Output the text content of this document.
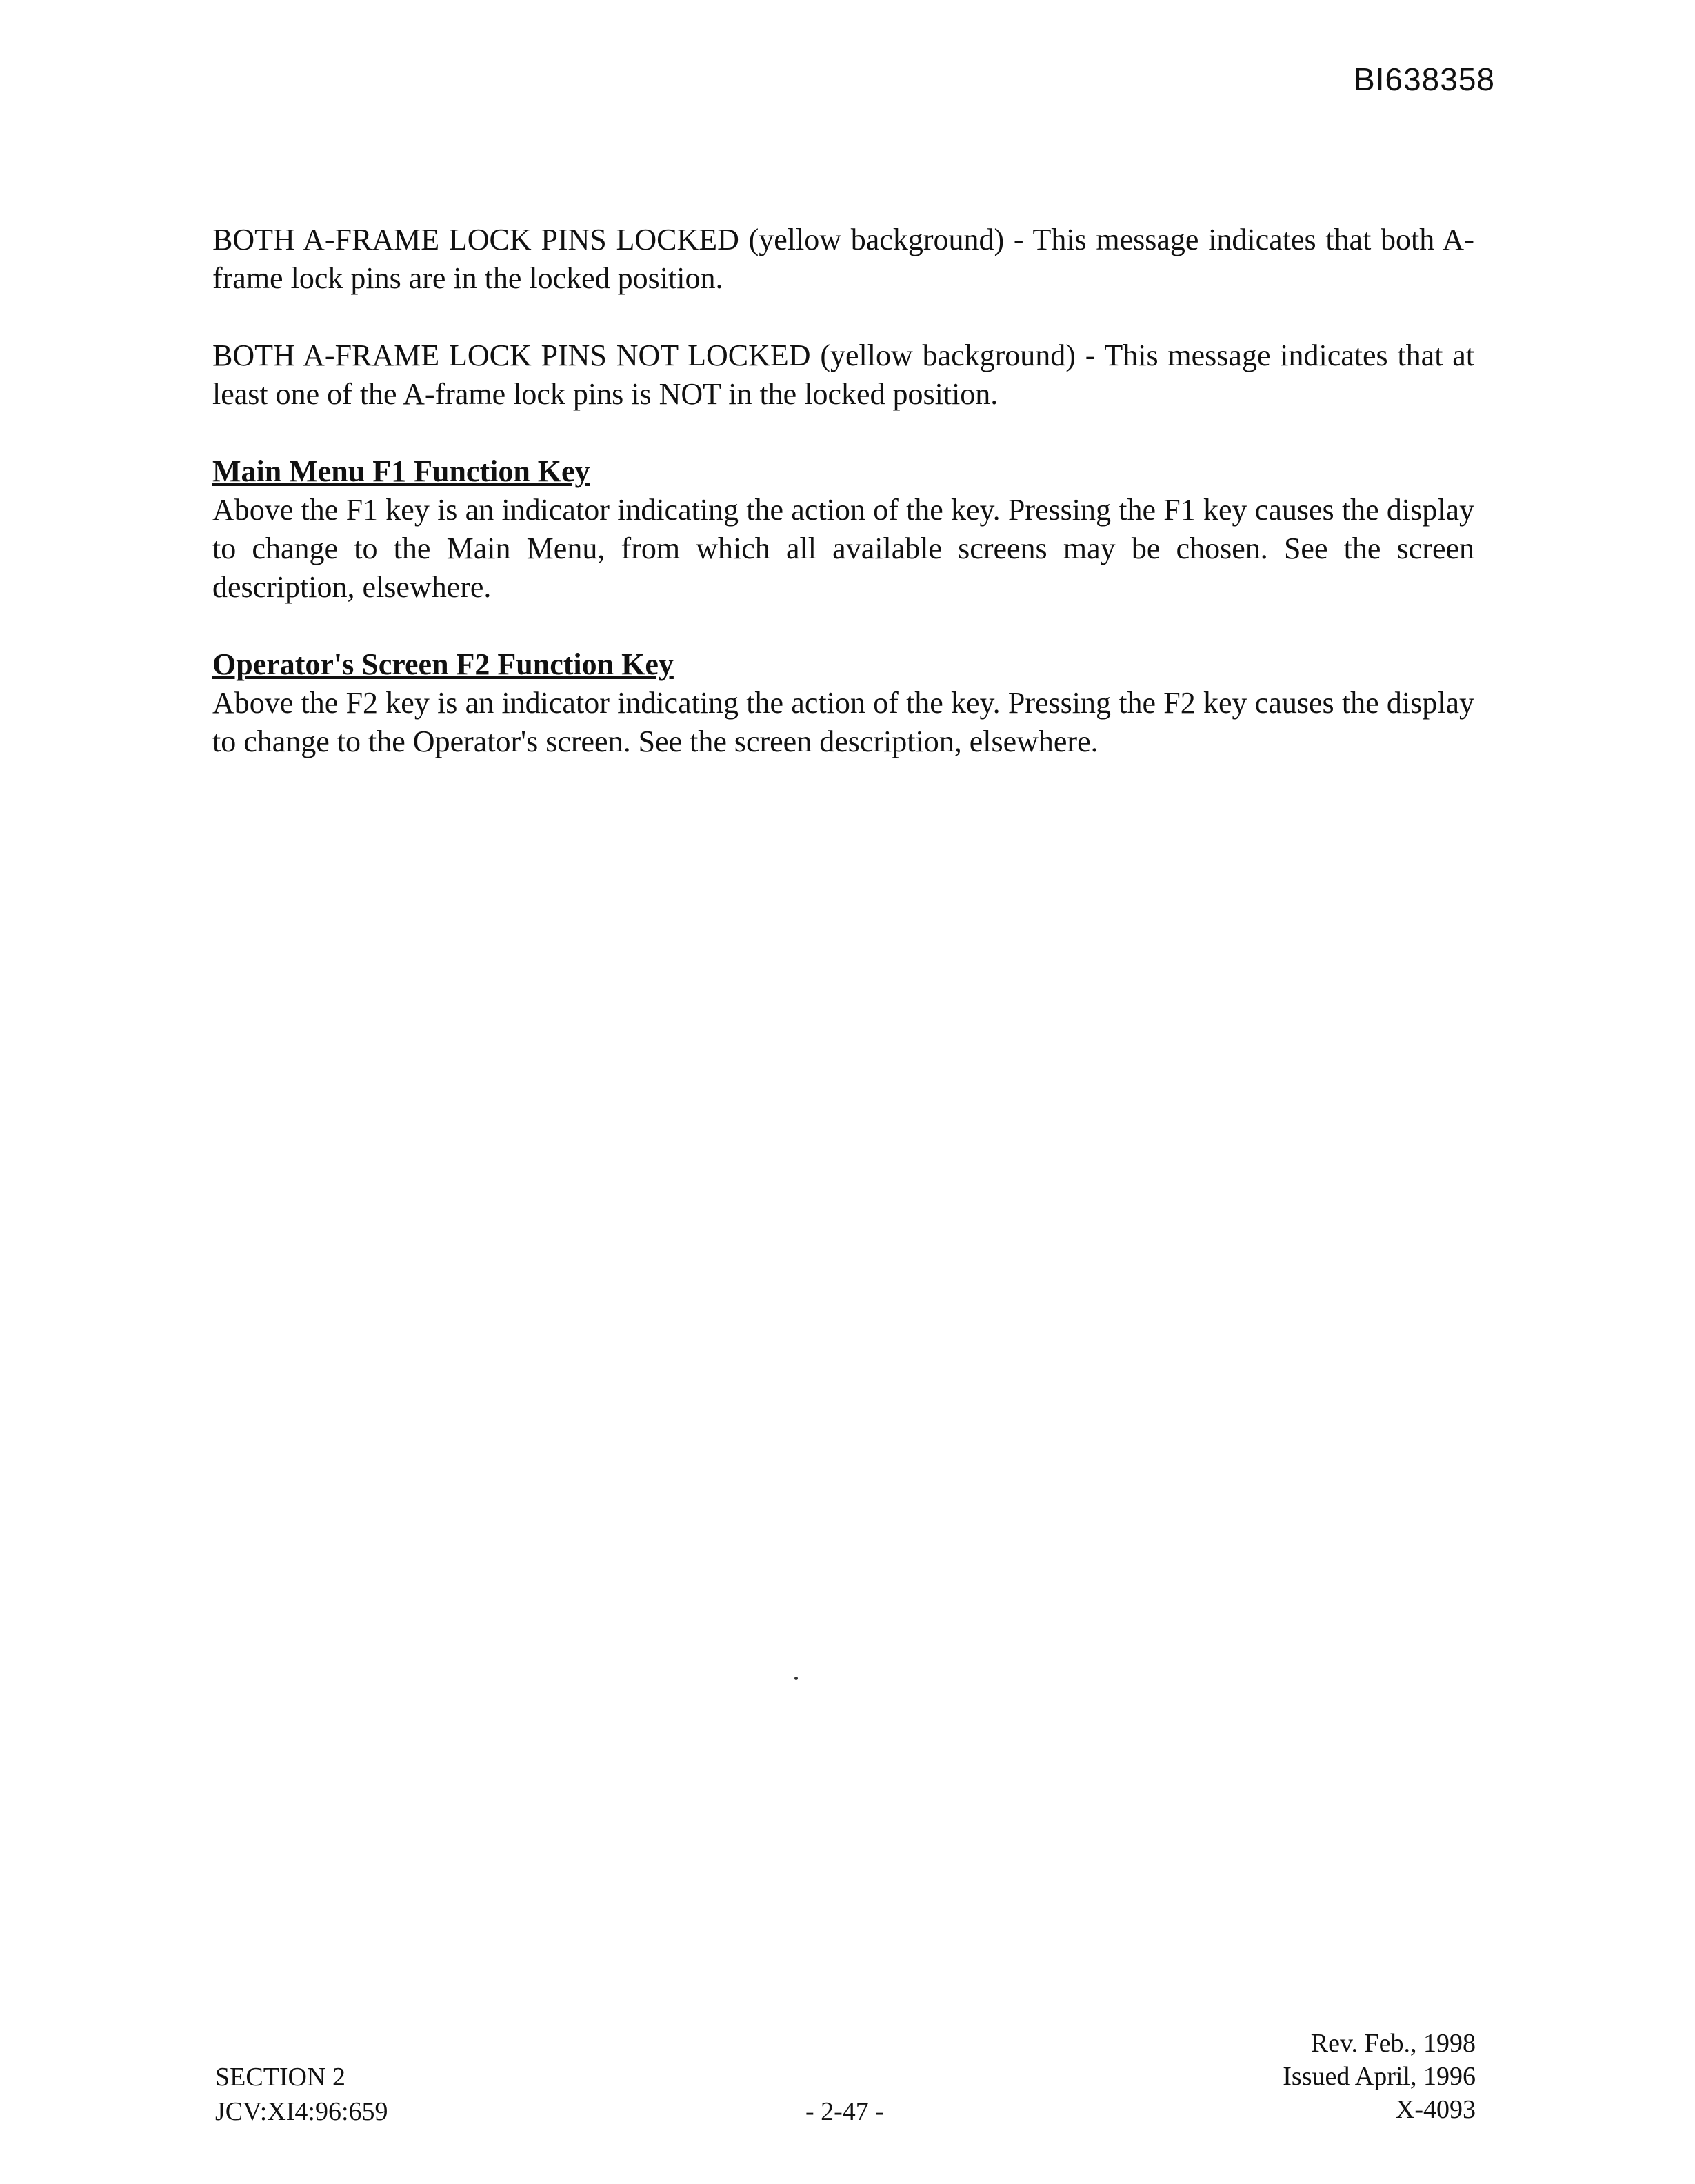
BI638358

BOTH A-FRAME LOCK PINS LOCKED (yellow background) - This message indicates that both A-frame lock pins are in the locked position.

BOTH A-FRAME LOCK PINS NOT LOCKED (yellow background) - This message indicates that at least one of the A-frame lock pins is NOT in the locked position.

Main Menu F1 Function Key

Above the F1 key is an indicator indicating the action of the key. Pressing the F1 key causes the display to change to the Main Menu, from which all available screens may be chosen. See the screen description, elsewhere.

Operator's Screen F2 Function Key

Above the F2 key is an indicator indicating the action of the key. Pressing the F2 key causes the display to change to the Operator's screen. See the screen description, elsewhere.

SECTION 2
JCV:XI4:96:659	- 2-47 -
Rev. Feb., 1998
Issued April, 1996
X-4093
